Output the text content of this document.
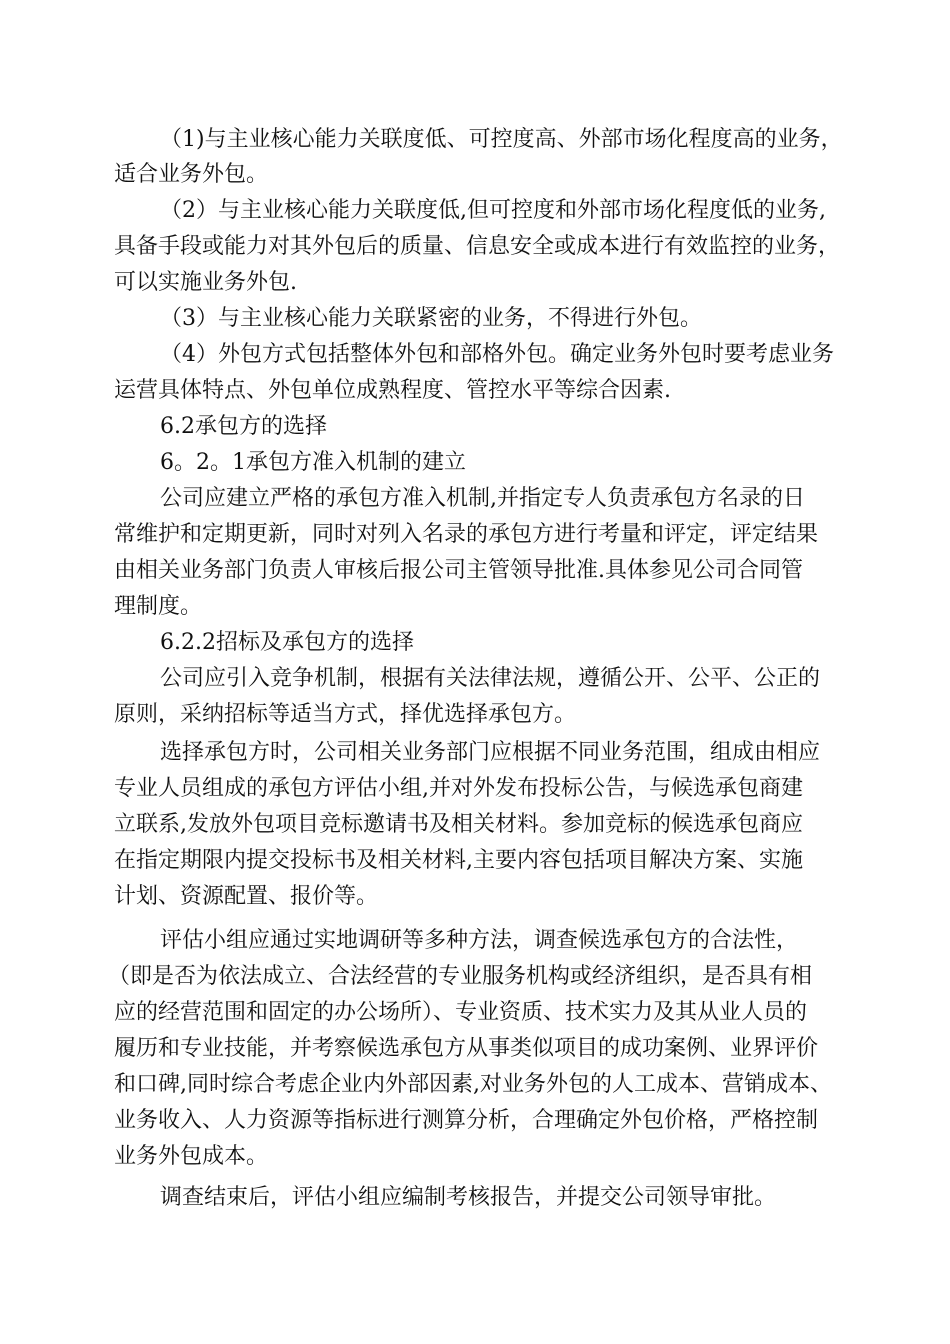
（1)与主业核心能力关联度低、可控度高、外部市场化程度高的业务，
适合业务外包。
（2）与主业核心能力关联度低,但可控度和外部市场化程度低的业务,
具备手段或能力对其外包后的质量、信息安全或成本进行有效监控的业务，
可以实施业务外包.
（3）与主业核心能力关联紧密的业务，不得进行外包。
（4）外包方式包括整体外包和部格外包。确定业务外包时要考虑业务
运营具体特点、外包单位成熟程度、管控水平等综合因素.
6.2承包方的选择
6。2。1承包方准入机制的建立
公司应建立严格的承包方准入机制,并指定专人负责承包方名录的日
常维护和定期更新，同时对列入名录的承包方进行考量和评定，评定结果
由相关业务部门负责人审核后报公司主管领导批准.具体参见公司合同管
理制度。
6.2.2招标及承包方的选择
公司应引入竞争机制，根据有关法律法规，遵循公开、公平、公正的
原则，采纳招标等适当方式，择优选择承包方。
选择承包方时，公司相关业务部门应根据不同业务范围，组成由相应
专业人员组成的承包方评估小组,并对外发布投标公告，与候选承包商建
立联系,发放外包项目竞标邀请书及相关材料。参加竞标的候选承包商应
在指定期限内提交投标书及相关材料,主要内容包括项目解决方案、实施
计划、资源配置、报价等。
评估小组应通过实地调研等多种方法，调查候选承包方的合法性，
（即是否为依法成立、合法经营的专业服务机构或经济组织，是否具有相
应的经营范围和固定的办公场所）、专业资质、技术实力及其从业人员的
履历和专业技能，并考察候选承包方从事类似项目的成功案例、业界评价
和口碑,同时综合考虑企业内外部因素,对业务外包的人工成本、营销成本、
业务收入、人力资源等指标进行测算分析，合理确定外包价格，严格控制
业务外包成本。
调查结束后，评估小组应编制考核报告，并提交公司领导审批。
